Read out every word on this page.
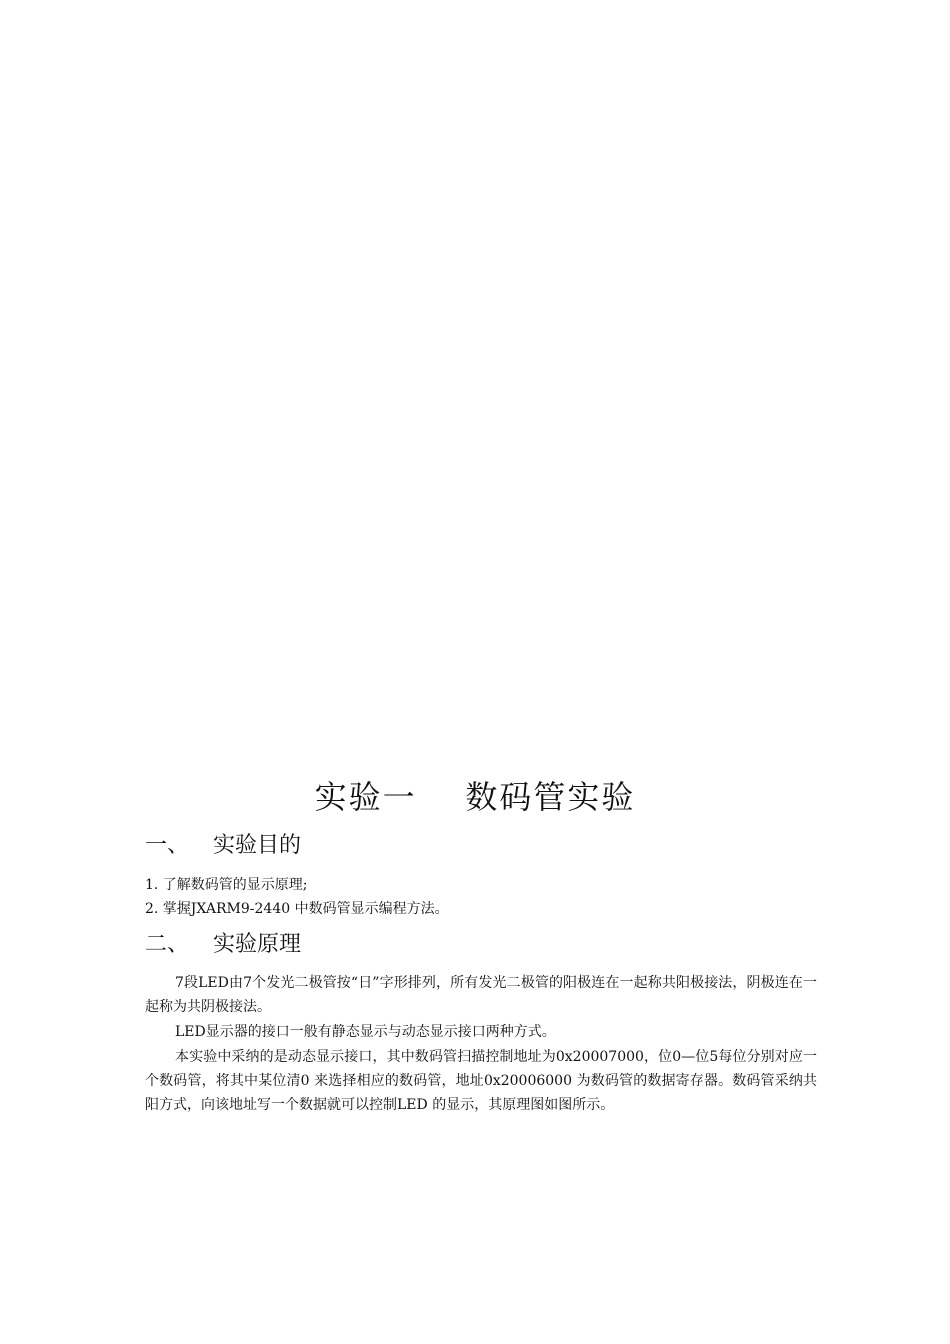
实验一    数码管实验
一、 实验目的
1. 了解数码管的显示原理;
2. 掌握JXARM9-2440 中数码管显示编程方法。
二、 实验原理

7段LED由7个发光二极管按“日”字形排列，所有发光二极管的阳极连在一起称共阳极接法，阴极连在一起称为共阴极接法。

LED显示器的接口一般有静态显示与动态显示接口两种方式。

本实验中采纳的是动态显示接口，其中数码管扫描控制地址为0x20007000，位0—位5每位分别对应一个数码管，将其中某位清0 来选择相应的数码管，地址0x20006000 为数码管的数据寄存器。数码管采纳共阳方式，向该地址写一个数据就可以控制LED 的显示，其原理图如图所示。
